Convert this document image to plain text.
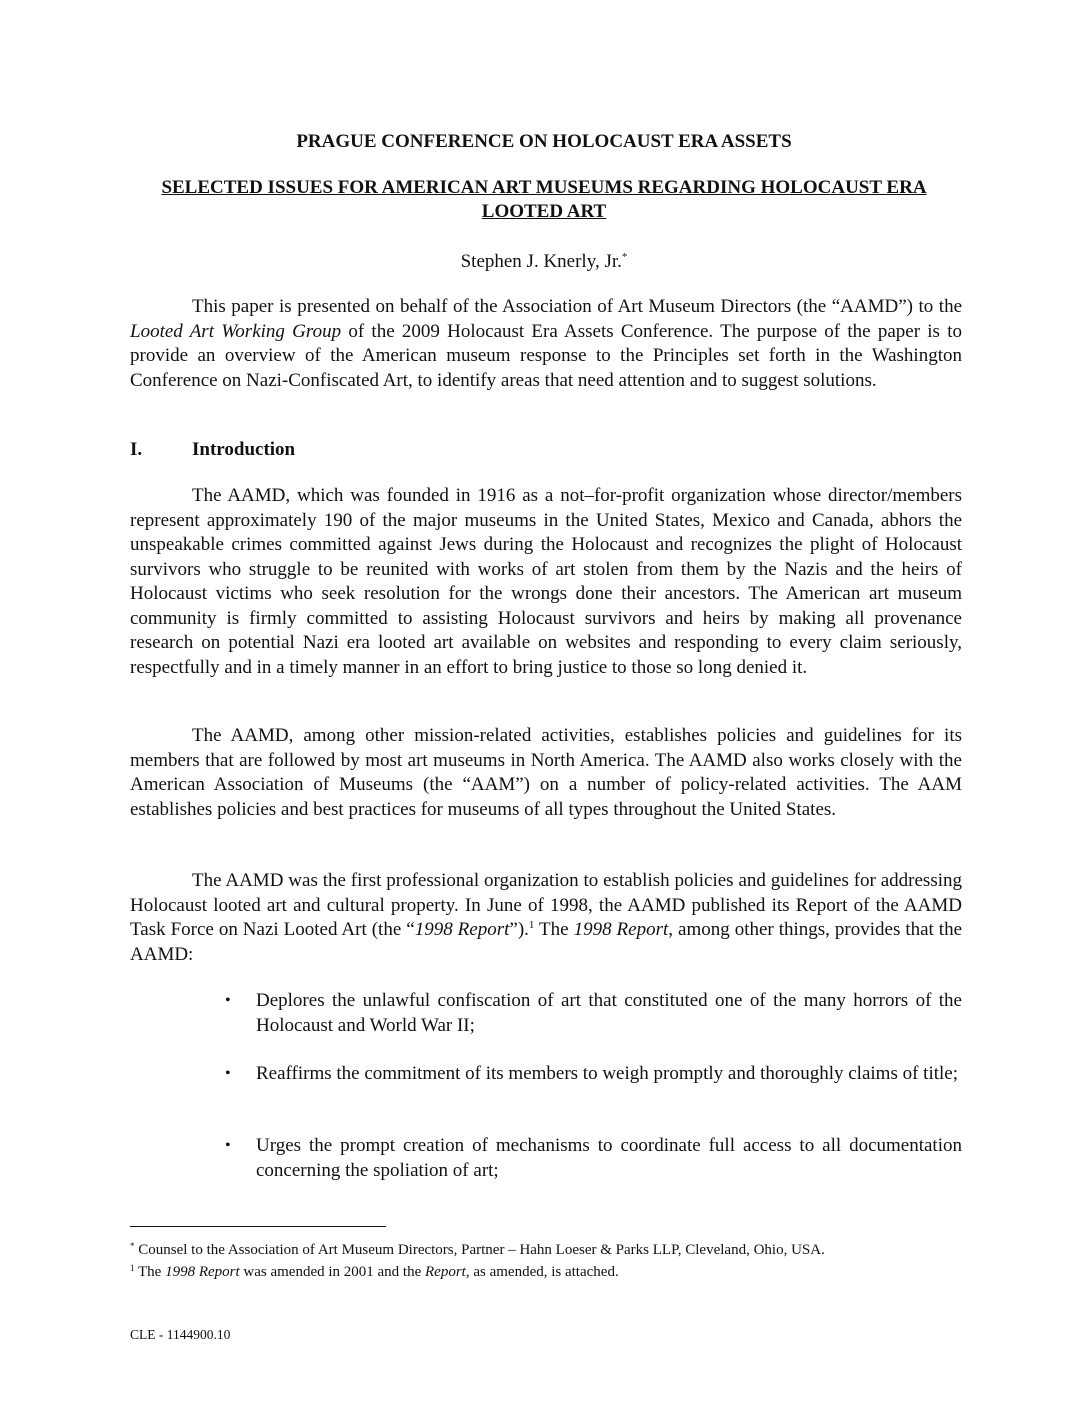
PRAGUE CONFERENCE ON HOLOCAUST ERA ASSETS

SELECTED ISSUES FOR AMERICAN ART MUSEUMS REGARDING HOLOCAUST ERA LOOTED ART

Stephen J. Knerly, Jr.*

This paper is presented on behalf of the Association of Art Museum Directors (the “AAMD”) to the Looted Art Working Group of the 2009 Holocaust Era Assets Conference. The purpose of the paper is to provide an overview of the American museum response to the Principles set forth in the Washington Conference on Nazi-Confiscated Art, to identify areas that need attention and to suggest solutions.

I.	Introduction

The AAMD, which was founded in 1916 as a not–for-profit organization whose director/members represent approximately 190 of the major museums in the United States, Mexico and Canada, abhors the unspeakable crimes committed against Jews during the Holocaust and recognizes the plight of Holocaust survivors who struggle to be reunited with works of art stolen from them by the Nazis and the heirs of Holocaust victims who seek resolution for the wrongs done their ancestors. The American art museum community is firmly committed to assisting Holocaust survivors and heirs by making all provenance research on potential Nazi era looted art available on websites and responding to every claim seriously, respectfully and in a timely manner in an effort to bring justice to those so long denied it.

The AAMD, among other mission-related activities, establishes policies and guidelines for its members that are followed by most art museums in North America. The AAMD also works closely with the American Association of Museums (the “AAM”) on a number of policy-related activities. The AAM establishes policies and best practices for museums of all types throughout the United States.

The AAMD was the first professional organization to establish policies and guidelines for addressing Holocaust looted art and cultural property. In June of 1998, the AAMD published its Report of the AAMD Task Force on Nazi Looted Art (the “1998 Report”).$^1$ The 1998 Report, among other things, provides that the AAMD:

• Deplores the unlawful confiscation of art that constituted one of the many horrors of the Holocaust and World War II;

• Reaffirms the commitment of its members to weigh promptly and thoroughly claims of title;

• Urges the prompt creation of mechanisms to coordinate full access to all documentation concerning the spoliation of art;

* Counsel to the Association of Art Museum Directors, Partner – Hahn Loeser & Parks LLP, Cleveland, Ohio, USA.

$^1$ The 1998 Report was amended in 2001 and the Report, as amended, is attached.

CLE - 1144900.10
